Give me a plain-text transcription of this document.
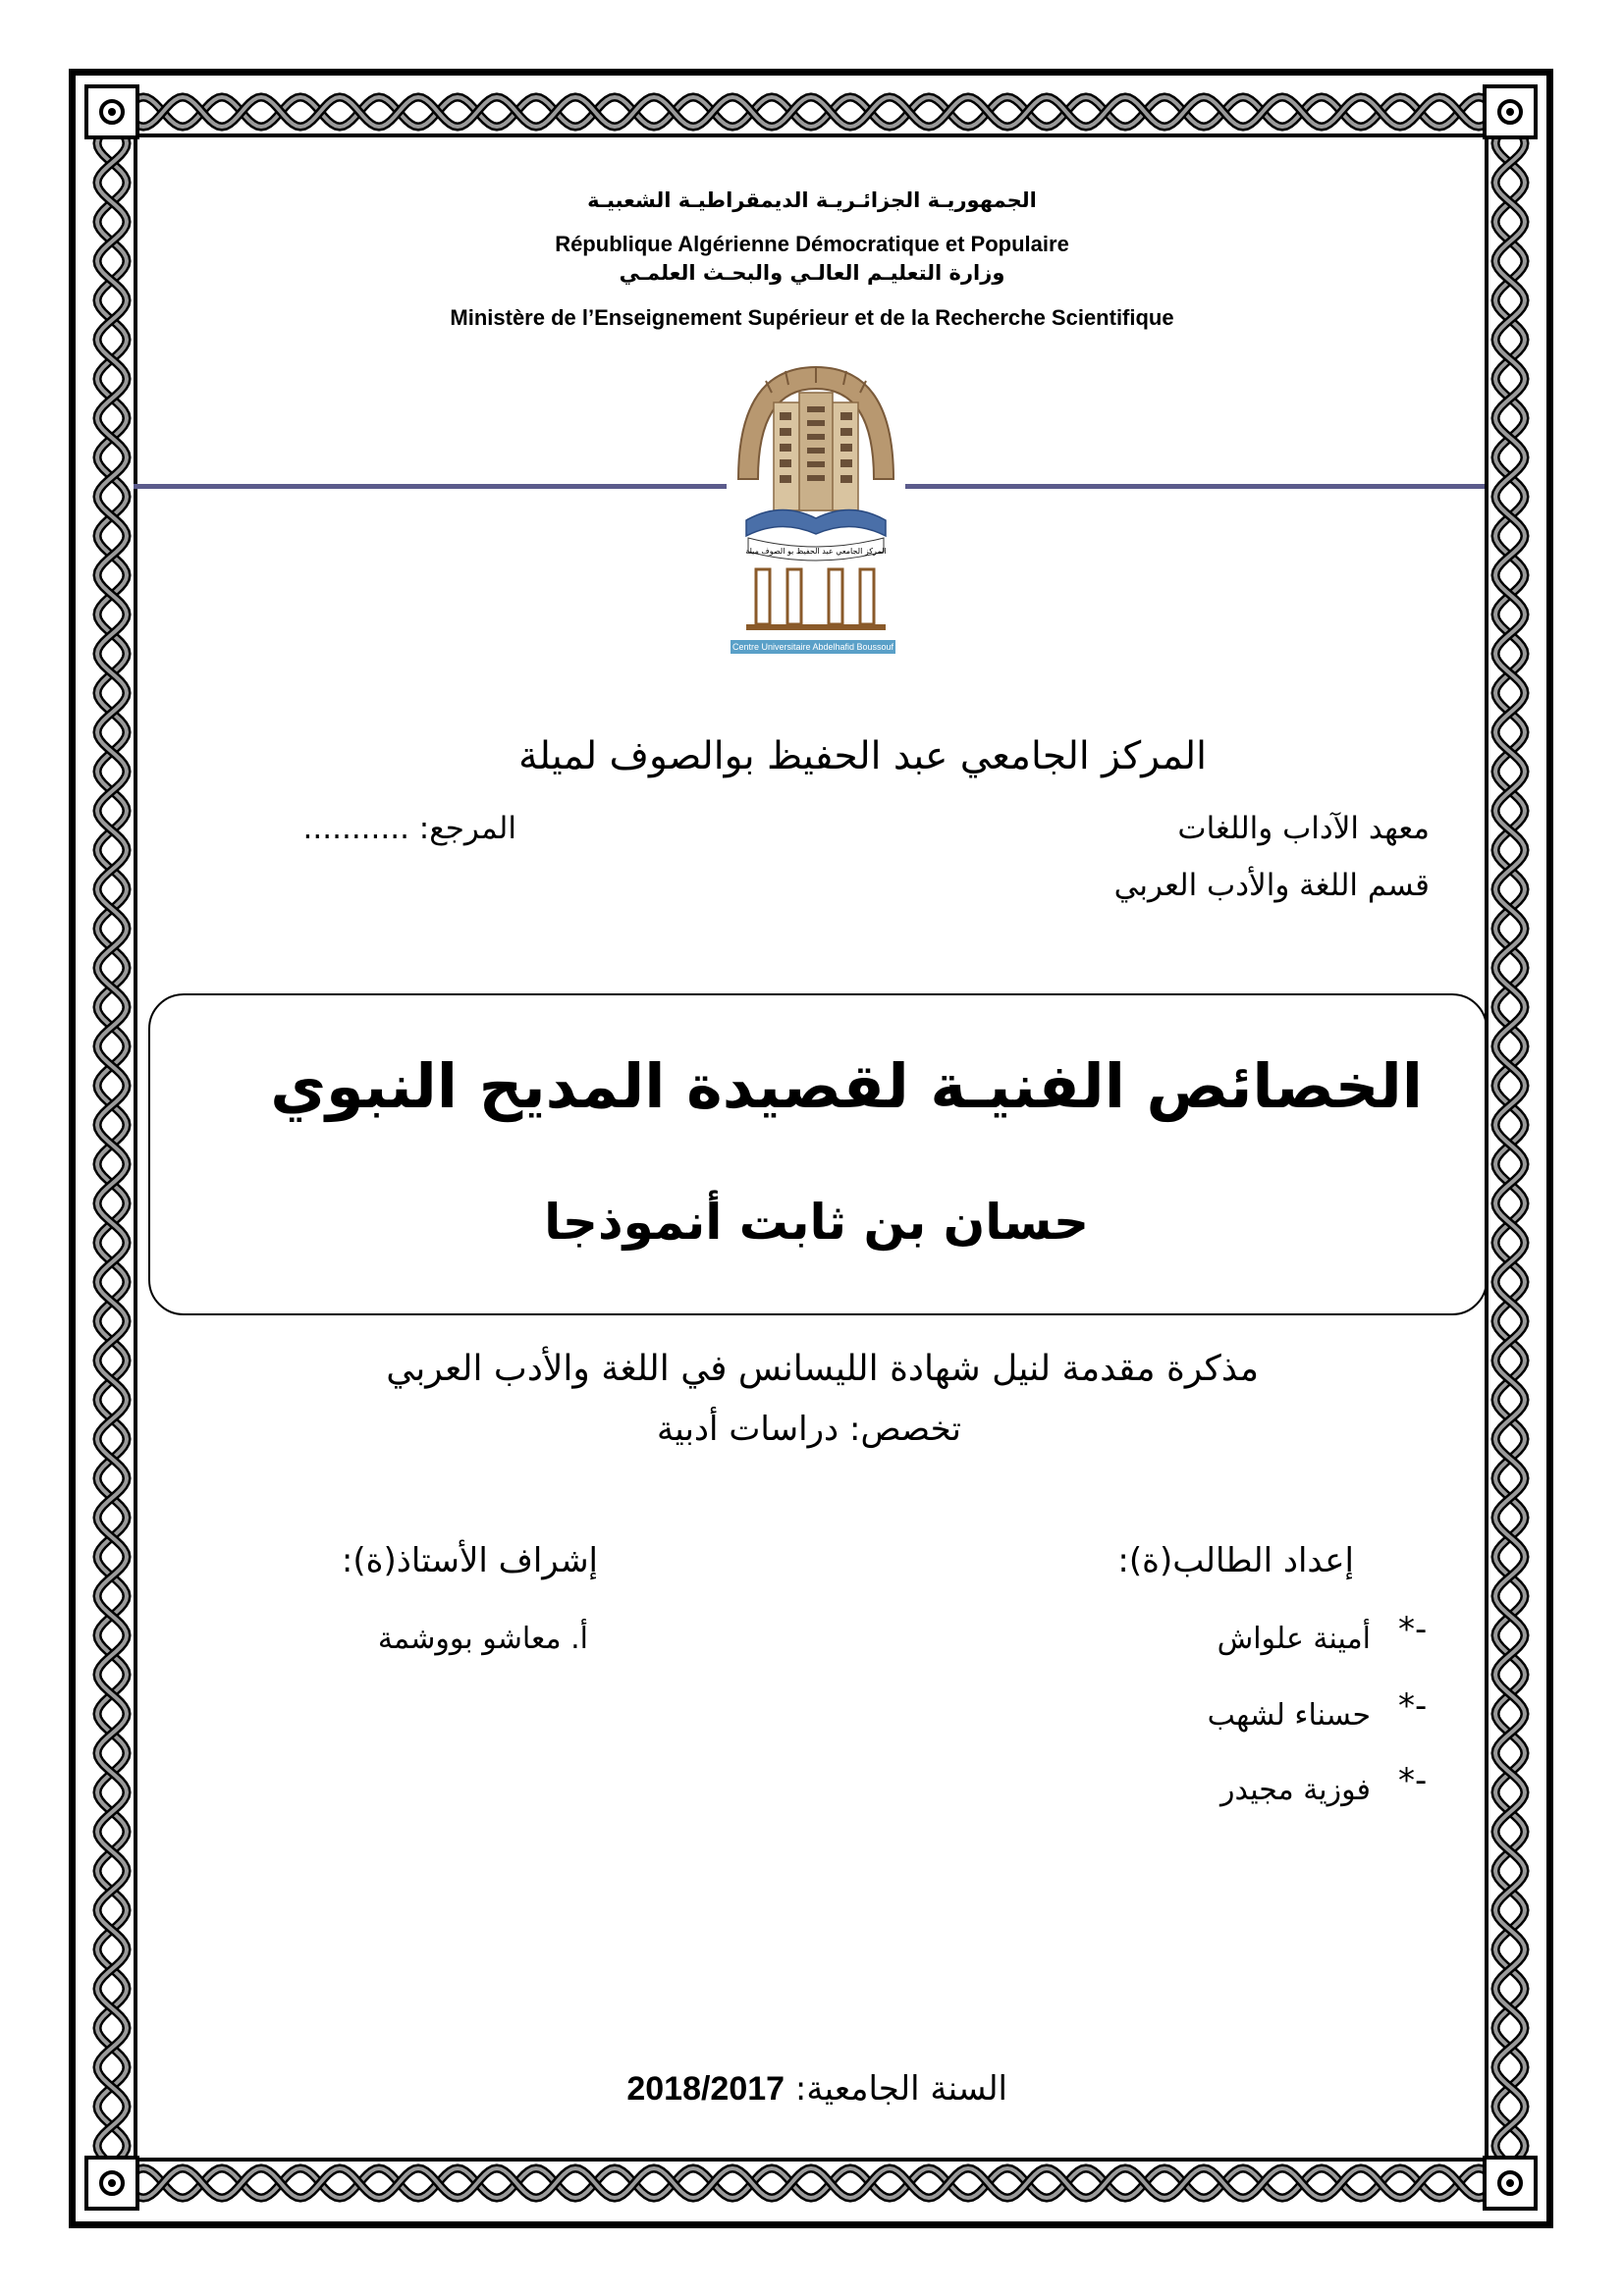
الجمهوريـة الجزائـريـة الديمقراطيـة الشعبيـة
République Algérienne Démocratique et Populaire
وزارة التعليـم العالـي والبحـث العلمـي
Ministère de l’Enseignement Supérieur et de la Recherche Scientifique
المركز الجامعي عبد الحفيظ بو الصوف ميلة
Centre Universitaire Abdelhafid Boussouf Mila
المركز الجامعي عبد الحفيظ بوالصوف لميلة
معهد الآداب واللغات
المرجع: ...........
قسم اللغة والأدب العربي
الخصائص الفنيـة لقصيدة المديح النبوي
حسان بن ثابت أنموذجا
مذكرة مقدمة لنيل شهادة الليسانس في اللغة والأدب العربي
تخصص: دراسات أدبية
إعداد الطالب(ة):
*-
أمينة علواش
*-
حسناء لشهب
*-
فوزية مجيدر
إشراف الأستاذ(ة):
أ. معاشو بووشمة
السنة الجامعية: 2018/2017
